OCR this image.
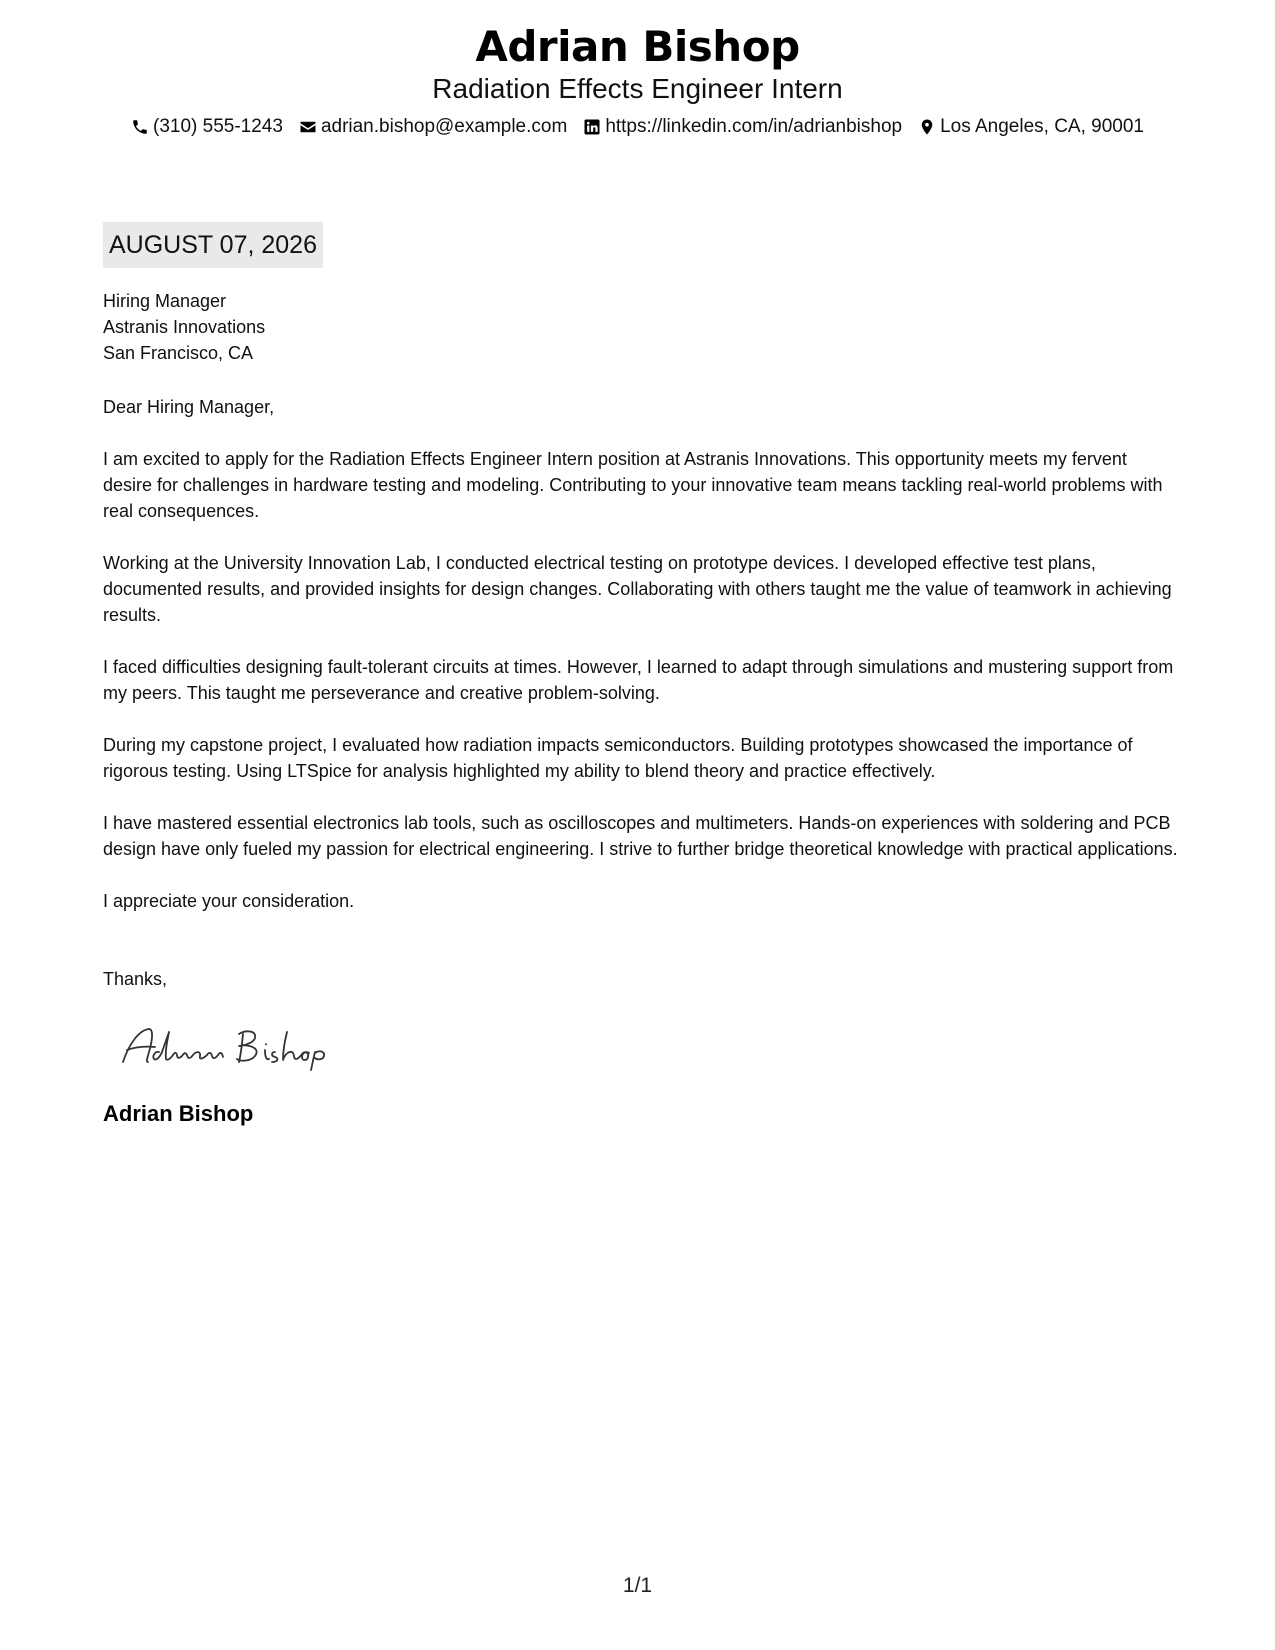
Adrian Bishop
Radiation Effects Engineer Intern
(310) 555-1243 adrian.bishop@example.com https://linkedin.com/in/adrianbishop Los Angeles, CA, 90001
AUGUST 07, 2026
Hiring Manager
Astranis Innovations
San Francisco, CA
Dear Hiring Manager,
I am excited to apply for the Radiation Effects Engineer Intern position at Astranis Innovations. This opportunity meets my fervent desire for challenges in hardware testing and modeling. Contributing to your innovative team means tackling real-world problems with real consequences.
Working at the University Innovation Lab, I conducted electrical testing on prototype devices. I developed effective test plans, documented results, and provided insights for design changes. Collaborating with others taught me the value of teamwork in achieving results.
I faced difficulties designing fault-tolerant circuits at times. However, I learned to adapt through simulations and mustering support from my peers. This taught me perseverance and creative problem-solving.
During my capstone project, I evaluated how radiation impacts semiconductors. Building prototypes showcased the importance of rigorous testing. Using LTSpice for analysis highlighted my ability to blend theory and practice effectively.
I have mastered essential electronics lab tools, such as oscilloscopes and multimeters. Hands-on experiences with soldering and PCB design have only fueled my passion for electrical engineering. I strive to further bridge theoretical knowledge with practical applications.
I appreciate your consideration.
Thanks,
Adrian Bishop
1/1
